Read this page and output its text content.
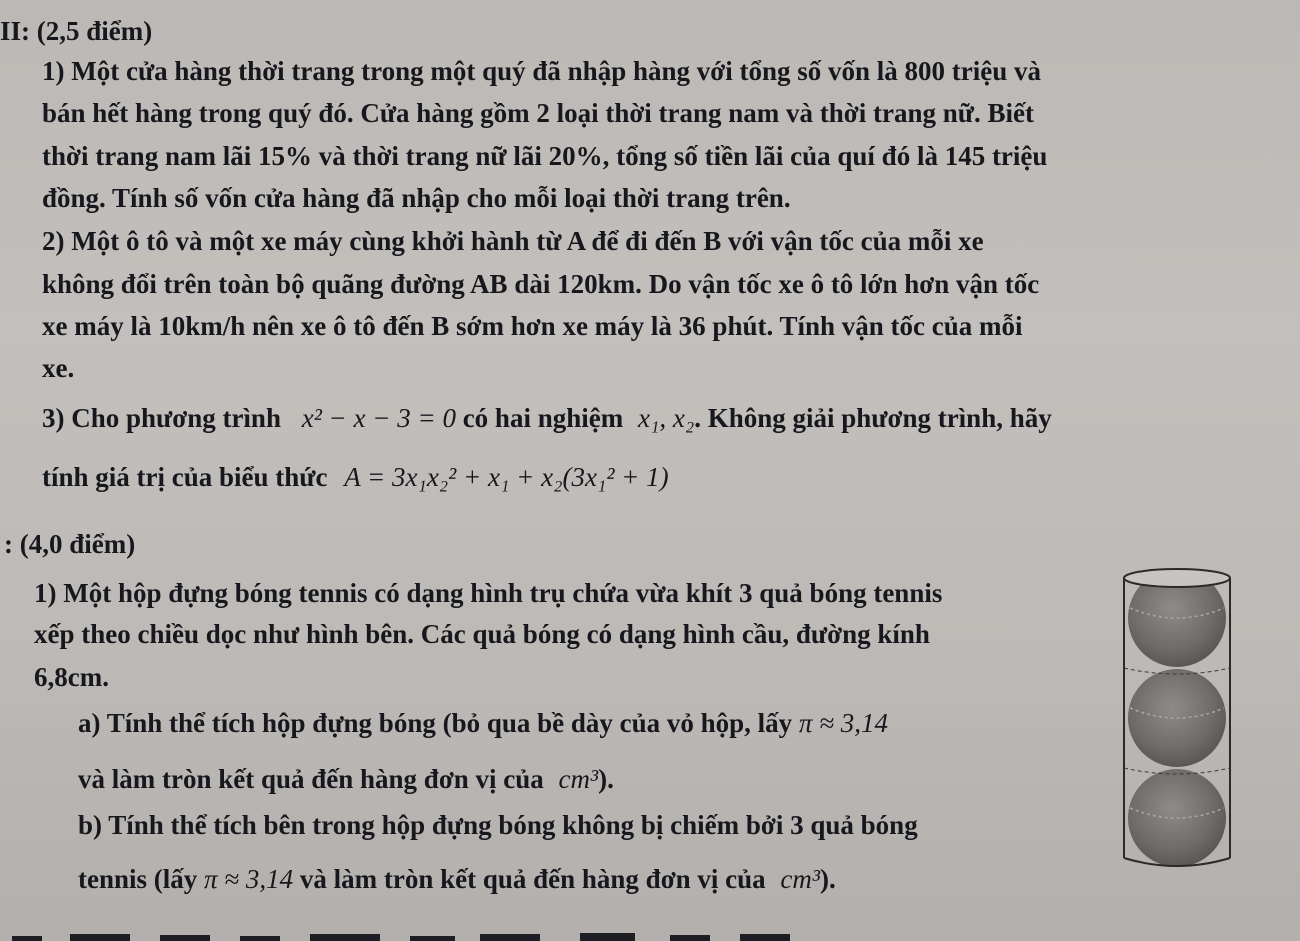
II: (2,5 điểm)
1) Một cửa hàng thời trang trong một quý đã nhập hàng với tổng số vốn là 800 triệu và
bán hết hàng trong quý đó. Cửa hàng gồm 2 loại thời trang nam và thời trang nữ. Biết
thời trang nam lãi 15% và thời trang nữ lãi 20%, tổng số tiền lãi của quí đó là 145 triệu
đồng. Tính số vốn cửa hàng đã nhập cho mỗi loại thời trang trên.
2) Một ô tô và một xe máy cùng khởi hành từ A để đi đến B với vận tốc của mỗi xe
không đổi trên toàn bộ quãng đường AB dài 120km. Do vận tốc xe ô tô lớn hơn vận tốc
xe máy là 10km/h nên xe ô tô đến B sớm hơn xe máy là 36 phút. Tính vận tốc của mỗi
xe.
3) Cho phương trình x² − x − 3 = 0 có hai nghiệm x₁, x₂. Không giải phương trình, hãy
tính giá trị của biểu thức A = 3x₁x₂² + x₁ + x₂(3x₁² + 1)
: (4,0 điểm)
1) Một hộp đựng bóng tennis có dạng hình trụ chứa vừa khít 3 quả bóng tennis
xếp theo chiều dọc như hình bên. Các quả bóng có dạng hình cầu, đường kính
6,8cm.
a) Tính thể tích hộp đựng bóng (bỏ qua bề dày của vỏ hộp, lấy π ≈ 3,14
và làm tròn kết quả đến hàng đơn vị của cm³).
b) Tính thể tích bên trong hộp đựng bóng không bị chiếm bởi 3 quả bóng
tennis (lấy π ≈ 3,14 và làm tròn kết quả đến hàng đơn vị của cm³).
